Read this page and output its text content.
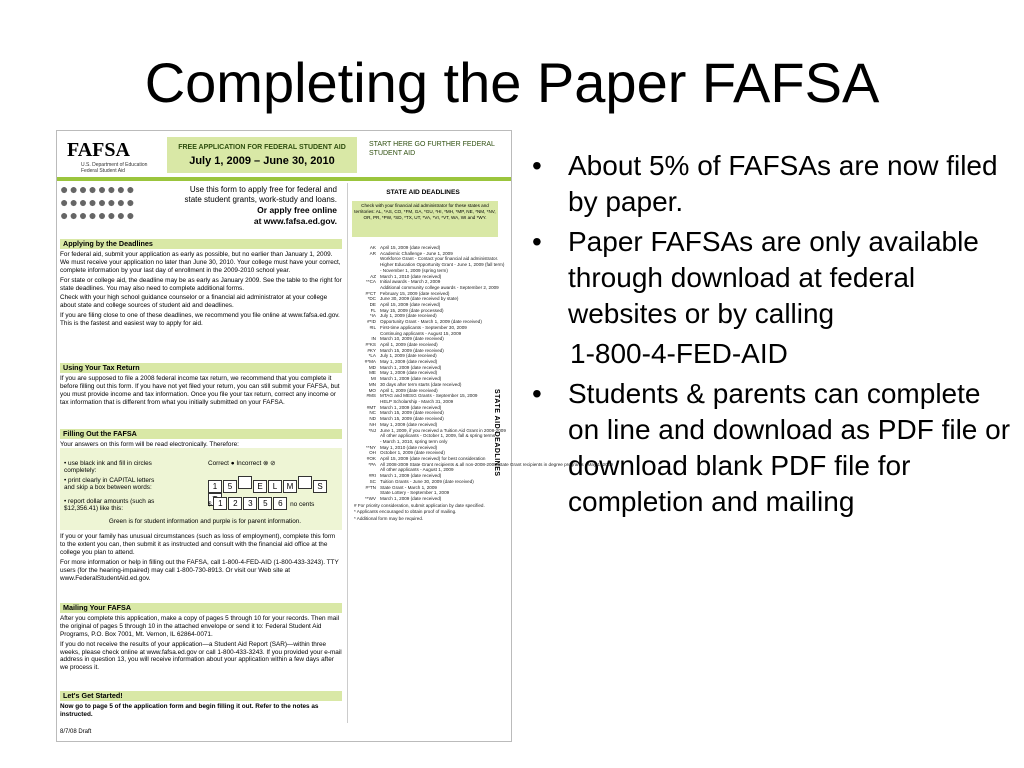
Completing the Paper FAFSA
FAFSA
U.S. Department of Education Federal Student Aid
FREE APPLICATION FOR FEDERAL STUDENT AID
July 1, 2009 – June 30, 2010
START HERE GO FURTHER FEDERAL STUDENT AID
●●●●●●●●
●●●●●●●●
●●●●●●●●
Use this form to apply free for federal and state student grants, work-study and loans.
Or apply free online
at www.fafsa.ed.gov.
Applying by the Deadlines

For federal aid, submit your application as early as possible, but no earlier than January 1, 2009. We must receive your application no later than June 30, 2010. Your college must have your correct, complete information by your last day of enrollment in the 2009-2010 school year.

For state or college aid, the deadline may be as early as January 2009. See the table to the right for state deadlines. You may also need to complete additional forms.

Check with your high school guidance counselor or a financial aid administrator at your college about state and college sources of student aid and deadlines.

If you are filing close to one of these deadlines, we recommend you file online at www.fafsa.ed.gov. This is the fastest and easiest way to apply for aid.

Using Your Tax Return

If you are supposed to file a 2008 federal income tax return, we recommend that you complete it before filling out this form. If you have not yet filed your return, you can still submit your FAFSA, but you must provide income and tax information. Once you file your tax return, correct any income or tax information that is different from what you initially submitted on your FAFSA.

Filling Out the FAFSA

Your answers on this form will be read electronically. Therefore:

• use black ink and fill in circles completely:
Correct ● Incorrect ⊗ ⊘
• print clearly in CAPITAL letters and skip a box between words:	1 5	E L M	S
• report dollar amounts (such as $12,356.41) like this:
$ 1 2 3 5 6 no cents
Green is for student information and purple is for parent information.

If you or your family has unusual circumstances (such as loss of employment), complete this form to the extent you can, then submit it as instructed and consult with the financial aid office at the college you plan to attend.

For more information or help in filling out the FAFSA, call 1-800-4-FED-AID (1-800-433-3243). TTY users (for the hearing-impaired) may call 1-800-730-8913. Or visit our Web site at www.FederalStudentAid.ed.gov.

Mailing Your FAFSA

After you complete this application, make a copy of pages 5 through 10 for your records. Then mail the original of pages 5 through 10 in the attached envelope or send it to: Federal Student Aid Programs, P.O. Box 7001, Mt. Vernon, IL 62864-0071.

If you do not receive the results of your application—a Student Aid Report (SAR)—within three weeks, please check online at www.fafsa.ed.gov or call 1-800-433-3243. If you provided your e-mail address in question 13, you will receive information about your application within a few days after we process it.

Let's Get Started!

Now go to page 5 of the application form and begin filling it out. Refer to the notes as instructed.

8/7/08 Draft
STATE AID DEADLINES
Check with your financial aid administrator for these states and territories: AL, *AS, CO, *FM, GA, *GU, *HI, *MH, *MP, NE, *NM, *NV, OR, PR, *PW, *SD, *TX, UT, *VA, *VI, *VT, WA, WI and *WY.
AK April 15, 2009 (date received)
AR Academic Challenge - June 1, 2009
Workforce Grant - Contact your financial aid administrator.
Higher Education Opportunity Grant - June 1, 2009 (fall term)
- November 1, 2009 (spring term)
AZ March 1, 2010 (date received)
**CA Initial awards - March 2, 2009
Additional community college awards - September 2, 2009
#*CT February 15, 2009 (date received)
*DC June 30, 2009 (date received by state)
DE April 15, 2009 (date received)
FL May 15, 2009 (date processed)
*IA July 1, 2009 (date received)
#*ID Opportunity Grant - March 1, 2009 (date received)
#IL First-time applicants - September 30, 2009
Continuing applicants - August 15, 2009
IN March 10, 2009 (date received)
#*KS April 1, 2009 (date received)
#KY March 15, 2009 (date received)
*LA July 1, 2009 (date received)
#*MA May 1, 2009 (date received)
MD March 1, 2009 (date received)
ME May 1, 2009 (date received)
MI March 1, 2009 (date received)
MN 30 days after term starts (date received)
MO April 1, 2009 (date received)
#MS MTAG and MESG Grants - September 15, 2009
HELP Scholarship - March 31, 2009
#MT March 1, 2009 (date received)
NC March 15, 2009 (date received)
ND March 15, 2009 (date received)
NH May 1, 2009 (date received)
*NJ June 1, 2009, if you received a Tuition Aid Grant in 2008-2009
All other applicants - October 1, 2009, fall & spring terms
- March 1, 2010, spring term only
**NY May 1, 2010 (date received)
OH October 1, 2009 (date received)
#OK April 15, 2009 (date received) for best consideration
*PA All 2008-2009 State Grant recipients & all non-2008-2009 State Grant recipients in degree programs - May 1, 2009
All other applicants - August 1, 2009
#RI March 1, 2009 (date received)
SC Tuition Grants - June 30, 2009 (date received)
#*TN State Grant - March 1, 2009
State Lottery - September 1, 2009
**WV March 1, 2009 (date received)
# For priority consideration, submit application by date specified.
* Applicants encouraged to obtain proof of mailing.
* Additional form may be required.
STATE AID DEADLINES
• About 5% of FAFSAs are now filed by paper.
• Paper FAFSAs are only available through download at federal websites or by calling
1-800-4-FED-AID
• Students & parents can complete on line and download as PDF file or download blank PDF file for completion and mailing
